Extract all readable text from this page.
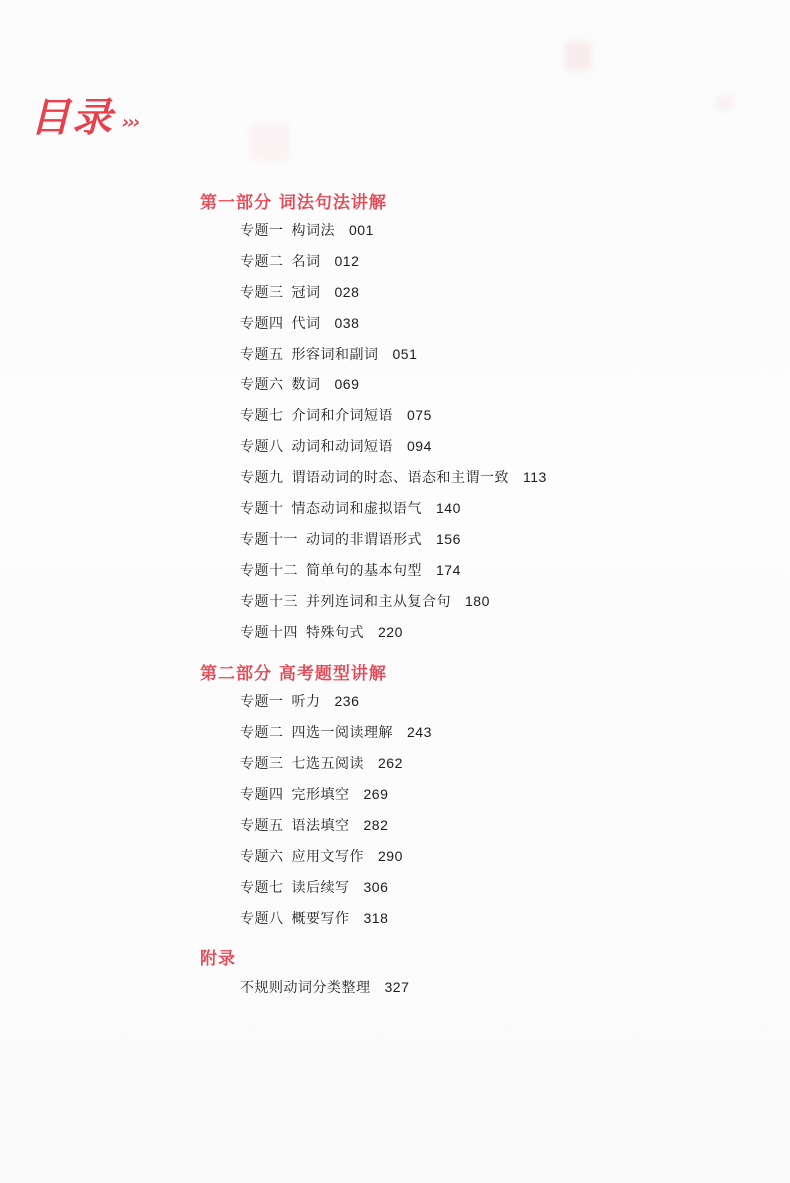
目录 ›››
第一部分 词法句法讲解
专题一 构词法 001
专题二 名词 012
专题三 冠词 028
专题四 代词 038
专题五 形容词和副词 051
专题六 数词 069
专题七 介词和介词短语 075
专题八 动词和动词短语 094
专题九 谓语动词的时态、语态和主谓一致 113
专题十 情态动词和虚拟语气 140
专题十一 动词的非谓语形式 156
专题十二 简单句的基本句型 174
专题十三 并列连词和主从复合句 180
专题十四 特殊句式 220
第二部分 高考题型讲解
专题一 听力 236
专题二 四选一阅读理解 243
专题三 七选五阅读 262
专题四 完形填空 269
专题五 语法填空 282
专题六 应用文写作 290
专题七 读后续写 306
专题八 概要写作 318
附录
不规则动词分类整理 327
